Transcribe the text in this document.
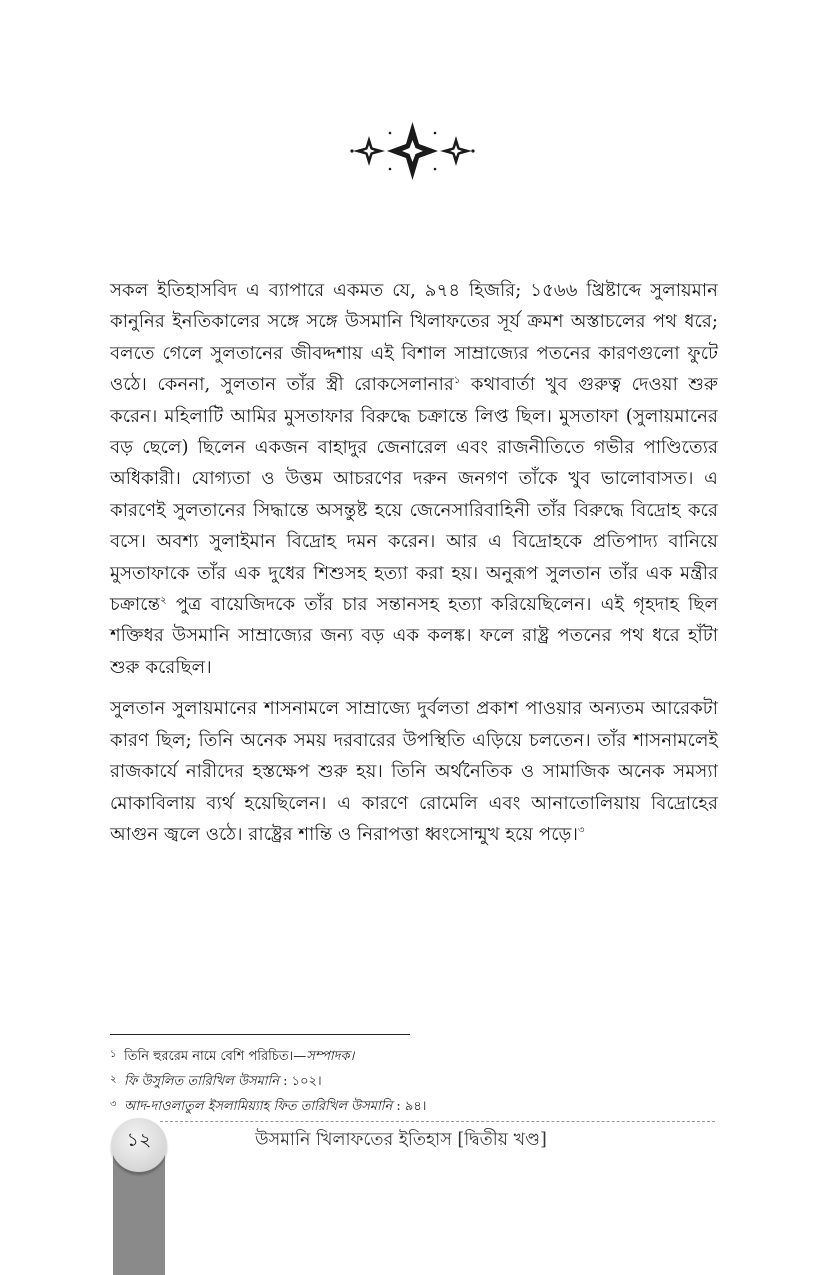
সকল ইতিহাসবিদ এ ব্যাপারে একমত যে, ৯৭৪ হিজরি; ১৫৬৬ খ্রিষ্টাব্দে সুলায়মান কানুনির ইনতিকালের সঙ্গে সঙ্গে উসমানি খিলাফতের সূর্য ক্রমশ অস্তাচলের পথ ধরে; বলতে গেলে সুলতানের জীবদ্দশায় এই বিশাল সাম্রাজ্যের পতনের কারণগুলো ফুটে ওঠে। কেননা, সুলতান তাঁর স্ত্রী রোকসেলানার$^১$ কথাবার্তা খুব গুরুত্ব দেওয়া শুরু করেন। মহিলাটি আমির মুসতাফার বিরুদ্ধে চক্রান্তে লিপ্ত ছিল। মুসতাফা (সুলায়মানের বড় ছেলে) ছিলেন একজন বাহাদুর জেনারেল এবং রাজনীতিতে গভীর পাণ্ডিত্যের অধিকারী। যোগ্যতা ও উত্তম আচরণের দরুন জনগণ তাঁকে খুব ভালোবাসত। এ কারণেই সুলতানের সিদ্ধান্তে অসন্তুষ্ট হয়ে জেনেসারিবাহিনী তাঁর বিরুদ্ধে বিদ্রোহ করে বসে। অবশ্য সুলাইমান বিদ্রোহ দমন করেন। আর এ বিদ্রোহকে প্রতিপাদ্য বানিয়ে মুসতাফাকে তাঁর এক দুধের শিশুসহ হত্যা করা হয়। অনুরূপ সুলতান তাঁর এক মন্ত্রীর চক্রান্তে$^২$ পুত্র বায়েজিদকে তাঁর চার সন্তানসহ হত্যা করিয়েছিলেন। এই গৃহদাহ ছিল শক্তিধর উসমানি সাম্রাজ্যের জন্য বড় এক কলঙ্ক। ফলে রাষ্ট্র পতনের পথ ধরে হাঁটা শুরু করেছিল।

সুলতান সুলায়মানের শাসনামলে সাম্রাজ্যে দুর্বলতা প্রকাশ পাওয়ার অন্যতম আরেকটা কারণ ছিল; তিনি অনেক সময় দরবারের উপস্থিতি এড়িয়ে চলতেন। তাঁর শাসনামলেই রাজকার্যে নারীদের হস্তক্ষেপ শুরু হয়। তিনি অর্থনৈতিক ও সামাজিক অনেক সমস্যা মোকাবিলায় ব্যর্থ হয়েছিলেন। এ কারণে রোমেলি এবং আনাতোলিয়ায় বিদ্রোহের আগুন জ্বলে ওঠে। রাষ্ট্রের শান্তি ও নিরাপত্তা ধ্বংসোন্মুখ হয়ে পড়ে।$^৩$

১ তিনি হুররেম নামে বেশি পরিচিত।—সম্পাদক।
২ ফি উসুলিত তারিখিল উসমানি : ১০২।
৩ আদ-দাওলাতুল ইসলামিয়্যাহ ফিত তারিখিল উসমানি : ৯৪।
১২	উসমানি খিলাফতের ইতিহাস [দ্বিতীয় খণ্ড]
